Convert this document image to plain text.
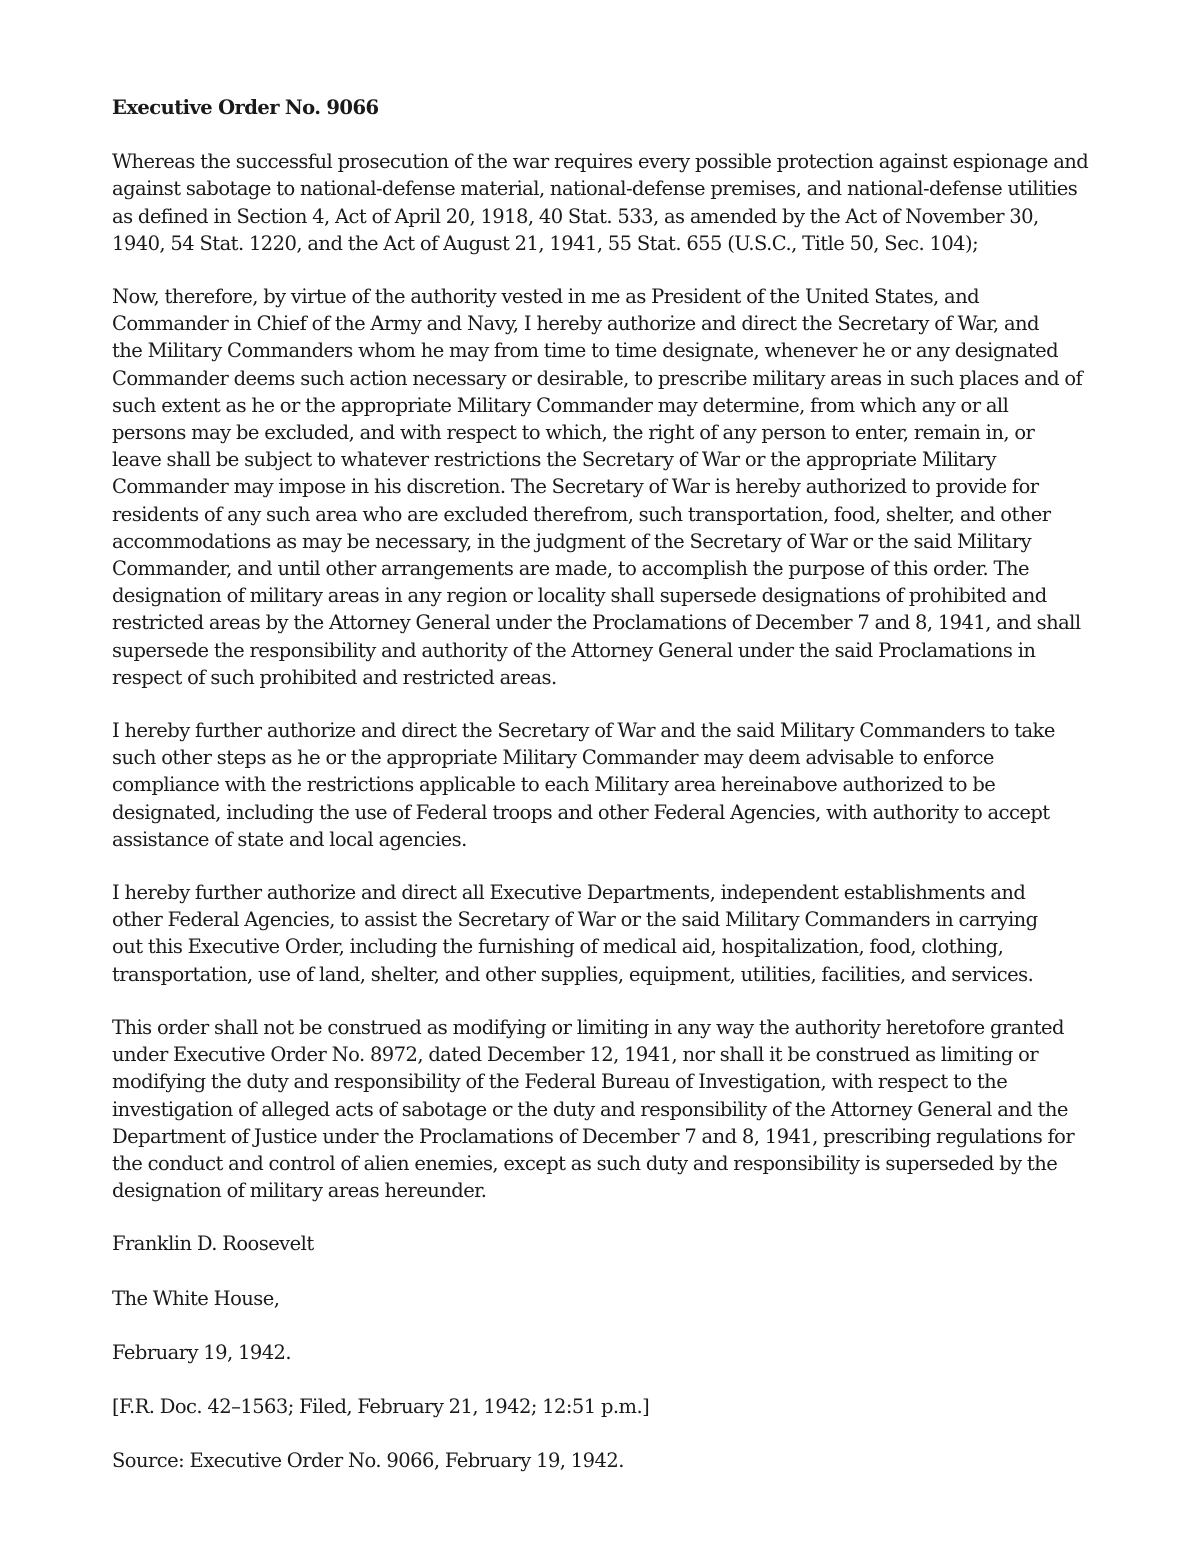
Executive Order No. 9066
Whereas the successful prosecution of the war requires every possible protection against espionage and
against sabotage to national-defense material, national-defense premises, and national-defense utilities
as defined in Section 4, Act of April 20, 1918, 40 Stat. 533, as amended by the Act of November 30,
1940, 54 Stat. 1220, and the Act of August 21, 1941, 55 Stat. 655 (U.S.C., Title 50, Sec. 104);
Now, therefore, by virtue of the authority vested in me as President of the United States, and
Commander in Chief of the Army and Navy, I hereby authorize and direct the Secretary of War, and
the Military Commanders whom he may from time to time designate, whenever he or any designated
Commander deems such action necessary or desirable, to prescribe military areas in such places and of
such extent as he or the appropriate Military Commander may determine, from which any or all
persons may be excluded, and with respect to which, the right of any person to enter, remain in, or
leave shall be subject to whatever restrictions the Secretary of War or the appropriate Military
Commander may impose in his discretion. The Secretary of War is hereby authorized to provide for
residents of any such area who are excluded therefrom, such transportation, food, shelter, and other
accommodations as may be necessary, in the judgment of the Secretary of War or the said Military
Commander, and until other arrangements are made, to accomplish the purpose of this order. The
designation of military areas in any region or locality shall supersede designations of prohibited and
restricted areas by the Attorney General under the Proclamations of December 7 and 8, 1941, and shall
supersede the responsibility and authority of the Attorney General under the said Proclamations in
respect of such prohibited and restricted areas.
I hereby further authorize and direct the Secretary of War and the said Military Commanders to take
such other steps as he or the appropriate Military Commander may deem advisable to enforce
compliance with the restrictions applicable to each Military area hereinabove authorized to be
designated, including the use of Federal troops and other Federal Agencies, with authority to accept
assistance of state and local agencies.
I hereby further authorize and direct all Executive Departments, independent establishments and
other Federal Agencies, to assist the Secretary of War or the said Military Commanders in carrying
out this Executive Order, including the furnishing of medical aid, hospitalization, food, clothing,
transportation, use of land, shelter, and other supplies, equipment, utilities, facilities, and services.
This order shall not be construed as modifying or limiting in any way the authority heretofore granted
under Executive Order No. 8972, dated December 12, 1941, nor shall it be construed as limiting or
modifying the duty and responsibility of the Federal Bureau of Investigation, with respect to the
investigation of alleged acts of sabotage or the duty and responsibility of the Attorney General and the
Department of Justice under the Proclamations of December 7 and 8, 1941, prescribing regulations for
the conduct and control of alien enemies, except as such duty and responsibility is superseded by the
designation of military areas hereunder.
Franklin D. Roosevelt
The White House,
February 19, 1942.
[F.R. Doc. 42–1563; Filed, February 21, 1942; 12:51 p.m.]
Source: Executive Order No. 9066, February 19, 1942.
